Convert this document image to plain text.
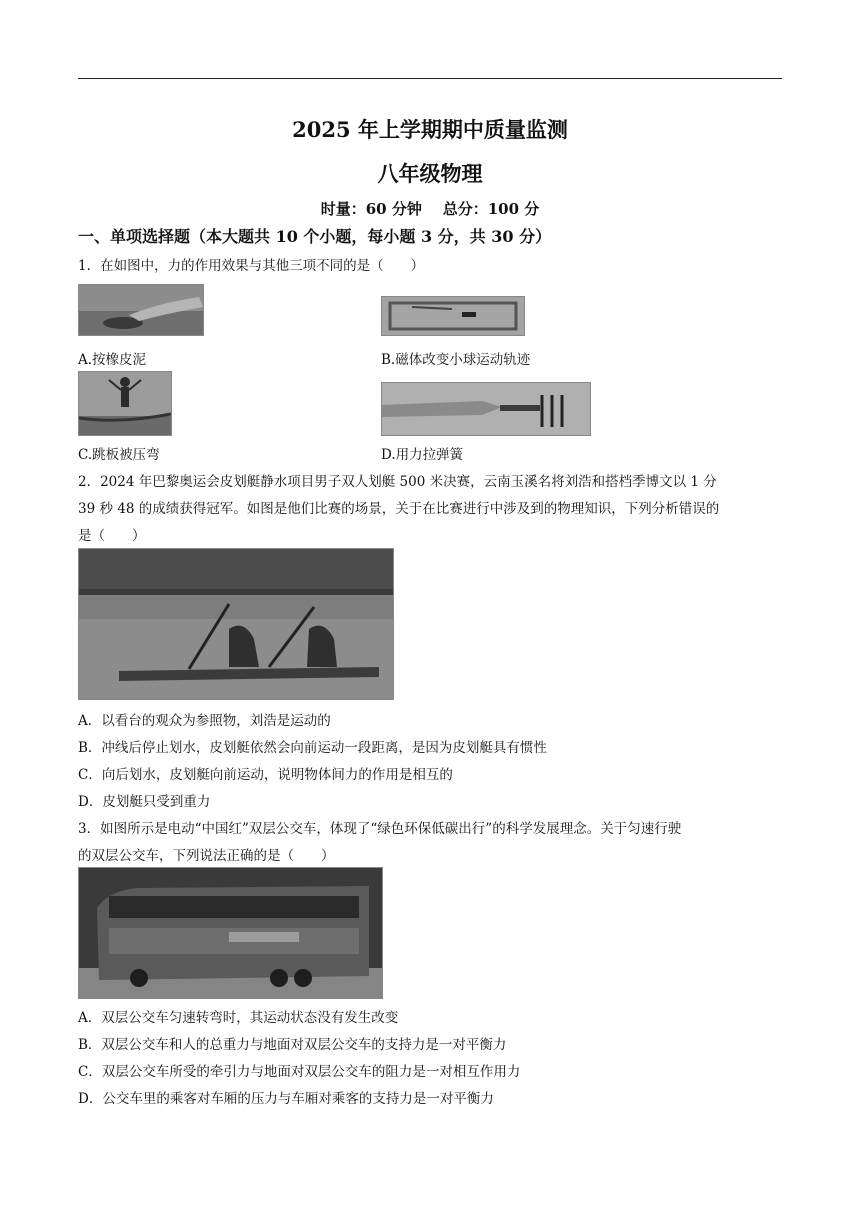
2025 年上学期期中质量监测
八年级物理
时量：60 分钟    总分：100 分
一、单项选择题（本大题共 10 个小题，每小题 3 分，共 30 分）
1．在如图中，力的作用效果与其他三项不同的是（　　）
A.按橡皮泥	B.磁体改变小球运动轨迹
C.跳板被压弯	D.用力拉弹簧
2．2024 年巴黎奥运会皮划艇静水项目男子双人划艇 500 米决赛，云南玉溪名将刘浩和搭档季博文以 1 分
39 秒 48 的成绩获得冠军。如图是他们比赛的场景，关于在比赛进行中涉及到的物理知识，下列分析错误的
是（　　）
A．以看台的观众为参照物，刘浩是运动的
B．冲线后停止划水，皮划艇依然会向前运动一段距离，是因为皮划艇具有惯性
C．向后划水，皮划艇向前运动，说明物体间力的作用是相互的
D．皮划艇只受到重力
3．如图所示是电动“中国红”双层公交车，体现了“绿色环保低碳出行”的科学发展理念。关于匀速行驶
的双层公交车，下列说法正确的是（　　）
A．双层公交车匀速转弯时，其运动状态没有发生改变
B．双层公交车和人的总重力与地面对双层公交车的支持力是一对平衡力
C．双层公交车所受的牵引力与地面对双层公交车的阻力是一对相互作用力
D．公交车里的乘客对车厢的压力与车厢对乘客的支持力是一对平衡力
